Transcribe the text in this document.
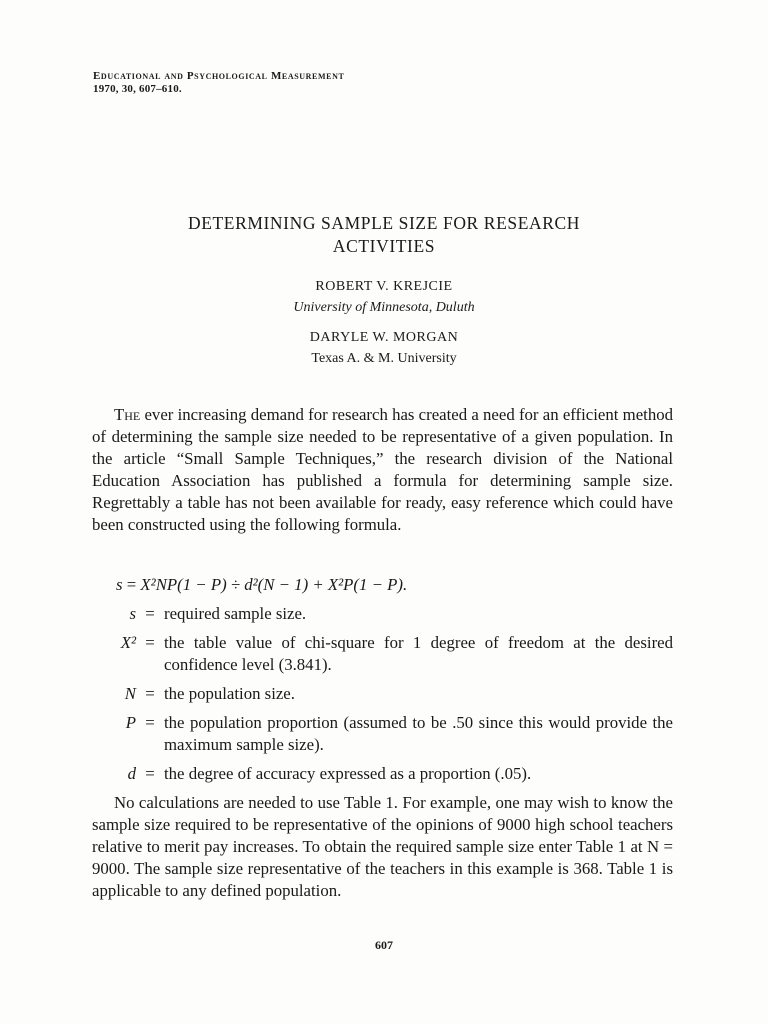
Educational and Psychological Measurement
1970, 30, 607–610.
DETERMINING SAMPLE SIZE FOR RESEARCH
ACTIVITIES
ROBERT V. KREJCIE
University of Minnesota, Duluth
DARYLE W. MORGAN
Texas A. & M. University

The ever increasing demand for research has created a need for an efficient method of determining the sample size needed to be representative of a given population. In the article “Small Sample Techniques,” the research division of the National Education Association has published a formula for determining sample size. Regrettably a table has not been available for ready, easy reference which could have been constructed using the following formula.

s = X²NP(1 − P) ÷ d²(N − 1) + X²P(1 − P).
s = required sample size.
X² = the table value of chi-square for 1 degree of freedom at the desired confidence level (3.841).
N = the population size.
P = the population proportion (assumed to be .50 since this would provide the maximum sample size).
d = the degree of accuracy expressed as a proportion (.05).

No calculations are needed to use Table 1. For example, one may wish to know the sample size required to be representative of the opinions of 9000 high school teachers relative to merit pay increases. To obtain the required sample size enter Table 1 at N = 9000. The sample size representative of the teachers in this example is 368. Table 1 is applicable to any defined population.

607
